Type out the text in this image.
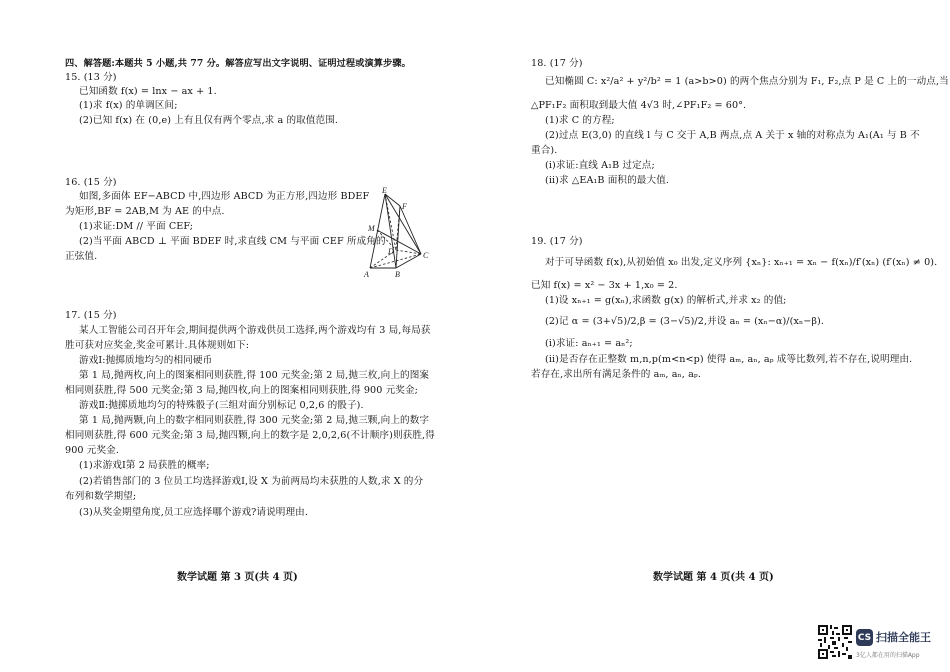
四、解答题:本题共 5 小题,共 77 分。解答应写出文字说明、证明过程或演算步骤。
15. (13 分)
已知函数 f(x) = lnx − ax + 1.
(1)求 f(x) 的单调区间;
(2)已知 f(x) 在 (0,e) 上有且仅有两个零点,求 a 的取值范围.
16. (15 分)
如图,多面体 EF−ABCD 中,四边形 ABCD 为正方形,四边形 BDEF
为矩形,BF = 2AB,M 为 AE 的中点.
(1)求证:DM // 平面 CEF;
(2)当平面 ABCD ⊥ 平面 BDEF 时,求直线 CM 与平面 CEF 所成角的
正弦值.
E
F
M
D
A	B
C
17. (15 分)
某人工智能公司召开年会,期间提供两个游戏供员工选择,两个游戏均有 3 局,每局获
胜可获对应奖金,奖金可累计.具体规则如下:
游戏Ⅰ:抛掷质地均匀的相同硬币
第 1 局,抛两枚,向上的图案相同则获胜,得 100 元奖金;第 2 局,抛三枚,向上的图案
相同则获胜,得 500 元奖金;第 3 局,抛四枚,向上的图案相同则获胜,得 900 元奖金;
游戏Ⅱ:抛掷质地均匀的特殊骰子(三组对面分别标记 0,2,6 的骰子).
第 1 局,抛两颗,向上的数字相同则获胜,得 300 元奖金;第 2 局,抛三颗,向上的数字
相同则获胜,得 600 元奖金;第 3 局,抛四颗,向上的数字是 2,0,2,6(不计顺序)则获胜,得
900 元奖金.
(1)求游戏Ⅰ第 2 局获胜的概率;
(2)若销售部门的 3 位员工均选择游戏Ⅰ,设 X 为前两局均未获胜的人数,求 X 的分
布列和数学期望;
(3)从奖金期望角度,员工应选择哪个游戏?请说明理由.
数学试题 第 3 页(共 4 页)
18. (17 分)
已知椭圆 C: x²/a² + y²/b² = 1 (a>b>0) 的两个焦点分别为 F₁, F₂,点 P 是 C 上的一动点,当
△PF₁F₂ 面积取到最大值 4√3 时,∠PF₁F₂ = 60°.
(1)求 C 的方程;
(2)过点 E(3,0) 的直线 l 与 C 交于 A,B 两点,点 A 关于 x 轴的对称点为 A₁(A₁ 与 B 不
重合).
(i)求证:直线 A₁B 过定点;
(ii)求 △EA₁B 面积的最大值.
19. (17 分)
对于可导函数 f(x),从初始值 x₀ 出发,定义序列 {xₙ}: xₙ₊₁ = xₙ − f(xₙ)/f′(xₙ) (f′(xₙ) ≠ 0).
已知 f(x) = x² − 3x + 1,x₀ = 2.
(1)设 xₙ₊₁ = g(xₙ),求函数 g(x) 的解析式,并求 x₂ 的值;
(2)记 α = (3+√5)/2,β = (3−√5)/2,并设 aₙ = (xₙ−α)/(xₙ−β).
(i)求证: aₙ₊₁ = aₙ²;
(ii)是否存在正整数 m,n,p(m<n<p) 使得 aₘ, aₙ, aₚ 成等比数列,若不存在,说明理由.
若存在,求出所有满足条件的 aₘ, aₙ, aₚ.
数学试题 第 4 页(共 4 页)
CS 扫描全能王
3亿人都在用的扫描App
